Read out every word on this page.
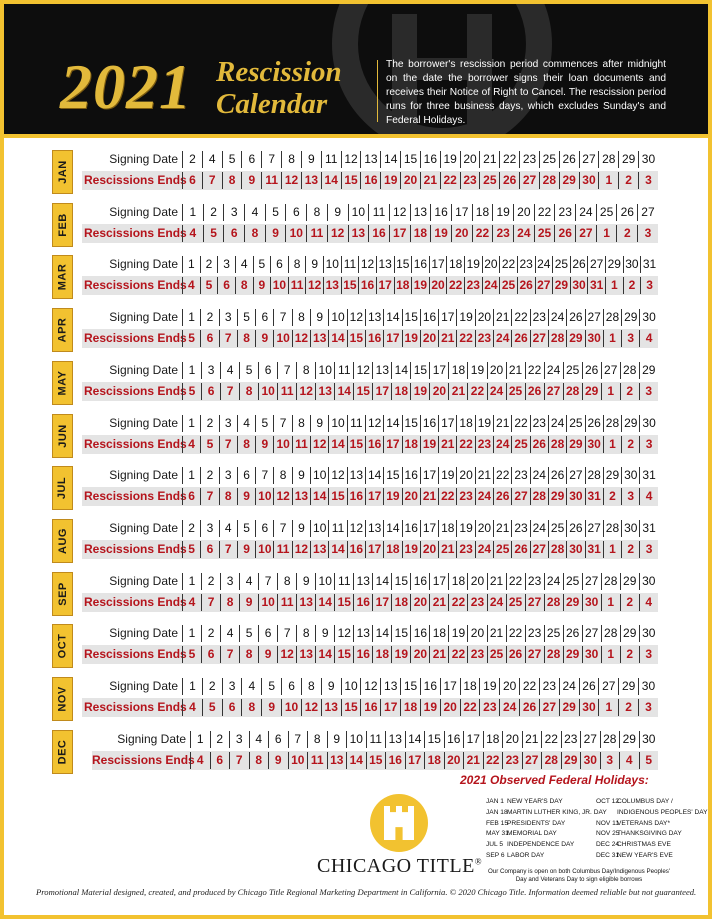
2021 Rescission
Calendar
The borrower's rescission period commences after midnight on the date the borrower signs their loan documents and receives their Notice of Right to Cancel. The rescission period runs for three business days, which excludes Sunday's and Federal Holidays.
JAN
Signing Date
Rescissions Ends
2	4	5	6	7	8	9 11 12 13 14 15 16 19 20 21 22 23 25 26 27 28 29 30
6	7	8	9 11 12 13 14 15 16 19 20 21 22 23 25 26 27 28 29 30 1	2	3
FEB
Signing Date
Rescissions Ends
1	2	3	4	5	6	8	9 10 11 12 13 16 17 18 19 20 22 23 24 25 26 27
4	5	6	8	9 10 11 12 13 16 17 18 19 20 22 23 24 25 26 27 1	2	3
MAR	Signing Date
Rescissions Ends
1 2 3 4 5 6 8 9 10 11 12 13 15 16 17 18 19 20 22 23 24 25 26 27 29 30 31
4 5 6 8 9 10 11 12 13 15 16 17 18 19 20 22 23 24 25 26 27 29 30 31 1 2 3
APR
Signing Date
Rescissions Ends
1 2 3 5 6 7 8 9 10 12 13 14 15 16 17 19 20 21 22 23 24 26 27 28 29 30
5 6 7 8 9 10 12 13 14 15 16 17 19 20 21 22 23 24 26 27 28 29 30 1 3 4
MAY
Signing Date
Rescissions Ends
1	3	4	5	6	7	8 10 11 12 13 14 15 17 18 19 20 21 22 24 25 26 27 28 29
5	6	7	8 10 11 12 13 14 15 17 18 19 20 21 22 24 25 26 27 28 29 1	2	3
JUN
Signing Date
Rescissions Ends
1 2 3 4 5 7 8 9 10 11 12 14 15 16 17 18 19 21 22 23 24 25 26 28 29 30
4 5 7 8 9 10 11 12 14 15 16 17 18 19 21 22 23 24 25 26 28 29 30 1 2 3
JUL
Signing Date
Rescissions Ends
1 2 3 6 7 8 9 10 12 13 14 15 16 17 19 20 21 22 23 24 26 27 28 29 30 31
6 7 8 9 10 12 13 14 15 16 17 19 20 21 22 23 24 26 27 28 29 30 31 2 3 4
AUG
Signing Date
Rescissions Ends
2 3 4 5 6 7 9 10 11 12 13 14 16 17 18 19 20 21 23 24 25 26 27 28 30 31
5 6 7 9 10 11 12 13 14 16 17 18 19 20 21 23 24 25 26 27 28 30 31 1 2 3
SEP
Signing Date
Rescissions Ends
1	2	3	4	7	8	9 10 11 13 14 15 16 17 18 20 21 22 23 24 25 27 28 29 30
4	7	8	9 10 11 13 14 15 16 17 18 20 21 22 23 24 25 27 28 29 30 1	2	4
OCT
Signing Date
Rescissions Ends
1	2	4	5	6	7	8	9 12 13 14 15 16 18 19 20 21 22 23 25 26 27 28 29 30
5	6	7	8	9 12 13 14 15 16 18 19 20 21 22 23 25 26 27 28 29 30 1	2	3
NOV
Signing Date
Rescissions Ends
1	2	3	4	5	6	8	9 10 12 13 15 16 17 18 19 20 22 23 24 26 27 29 30
4	5	6	8	9 10 12 13 15 16 17 18 19 20 22 23 24 26 27 29 30 1	2	3
DEC
Signing Date
Rescissions Ends
1	2	3	4	6	7	8	9 10 11 13 14 15 16 17 18 20 21 22 23 27 28 29 30
4	6	7	8	9 10 11 13 14 15 16 17 18 20 21 22 23 27 28 29 30 3	4	5
2021 Observed Federal Holidays:
JAN 1 NEW YEAR'S DAY
JAN 18 MARTIN LUTHER KING, JR. DAY
FEB 15 PRESIDENTS' DAY
MAY 31
MEMORIAL DAY
JUL 5 INDEPENDENCE DAY
SEP 6 LABOR DAY
OCT 12
COLUMBUS DAY /
INDIGENOUS PEOPLES' DAY
NOV 11
VETERANS DAY*
NOV 25
THANKSGIVING DAY
DEC 24
CHRISTMAS EVE
DEC 31
NEW YEAR'S EVE
Our Company is open on both Columbus Day/Indigenous Peoples' Day and Veterans Day to sign eligible borrows
CHICAGO TITLE®
Promotional Material designed, created, and produced by Chicago Title Regional Marketing Department in California. © 2020 Chicago Title. Information deemed reliable but not guaranteed.
